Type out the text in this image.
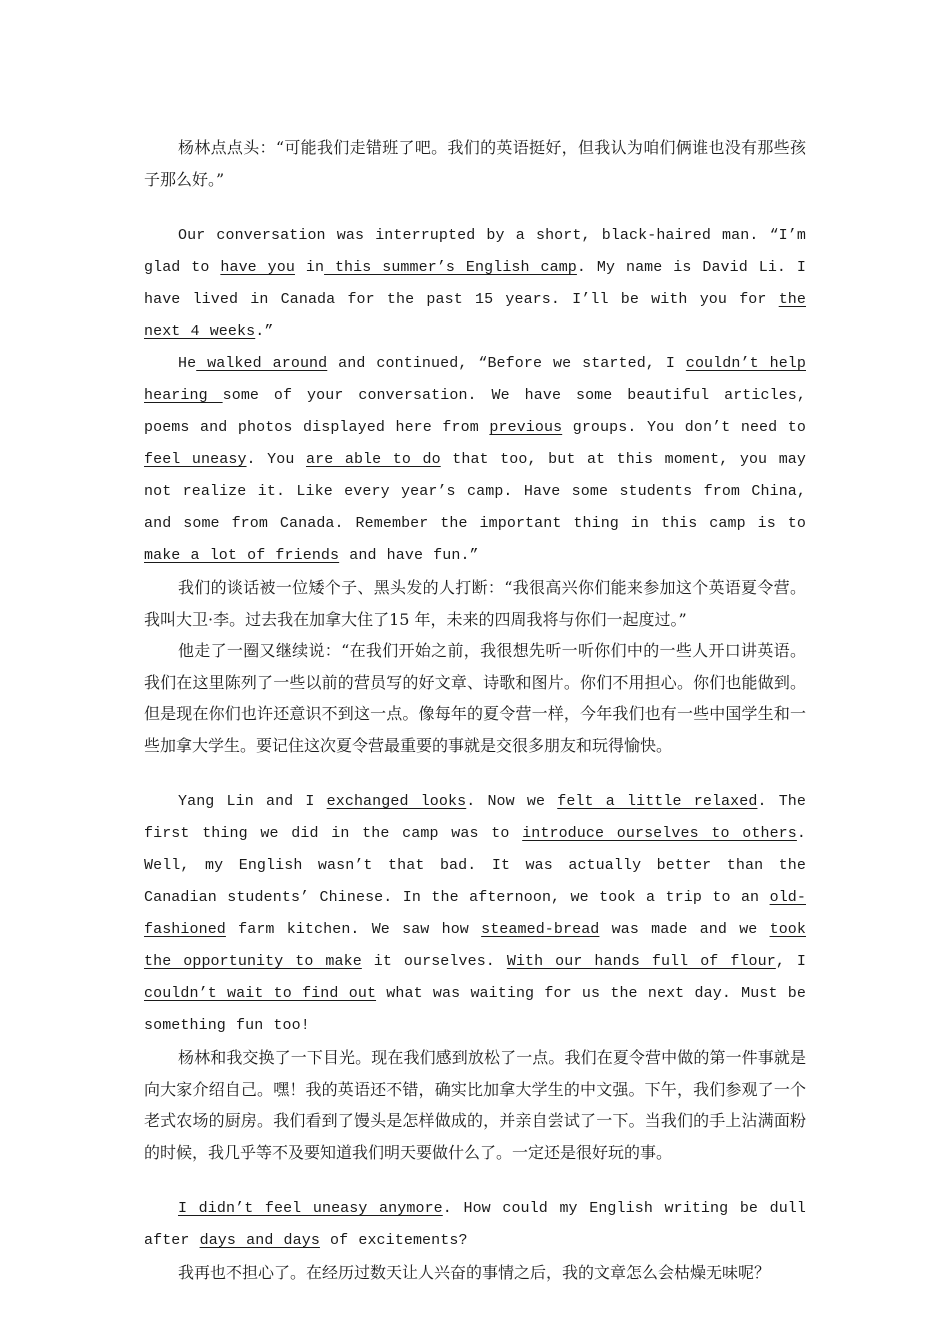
杨林点点头：“可能我们走错班了吧。我们的英语挺好，但我认为咱们俩谁也没有那些孩子那么好。”

Our conversation was interrupted by a short, black-haired man. “I’m glad to have you in this summer’s English camp. My name is David Li. I have lived in Canada for the past 15 years. I’ll be with you for the next 4 weeks.”

He walked around and continued, “Before we started, I couldn’t help hearing some of your conversation. We have some beautiful articles, poems and photos displayed here from previous groups. You don’t need to feel uneasy. You are able to do that too, but at this moment, you may not realize it. Like every year’s camp. Have some students from China, and some from Canada. Remember the important thing in this camp is to make a lot of friends and have fun.”

我们的谈话被一位矮个子、黑头发的人打断：“我很高兴你们能来参加这个英语夏令营。我叫大卫·李。过去我在加拿大住了15 年，未来的四周我将与你们一起度过。”

他走了一圈又继续说：“在我们开始之前，我很想先听一听你们中的一些人开口讲英语。我们在这里陈列了一些以前的营员写的好文章、诗歌和图片。你们不用担心。你们也能做到。但是现在你们也许还意识不到这一点。像每年的夏令营一样，今年我们也有一些中国学生和一些加拿大学生。要记住这次夏令营最重要的事就是交很多朋友和玩得愉快。

Yang Lin and I exchanged looks. Now we felt a little relaxed. The first thing we did in the camp was to introduce ourselves to others. Well, my English wasn’t that bad. It was actually better than the Canadian students’ Chinese. In the afternoon, we took a trip to an old-fashioned farm kitchen. We saw how steamed-bread was made and we took the opportunity to make it ourselves. With our hands full of flour, I couldn’t wait to find out what was waiting for us the next day. Must be something fun too!

杨林和我交换了一下目光。现在我们感到放松了一点。我们在夏令营中做的第一件事就是向大家介绍自己。嘿！我的英语还不错，确实比加拿大学生的中文强。下午，我们参观了一个老式农场的厨房。我们看到了馒头是怎样做成的，并亲自尝试了一下。当我们的手上沾满面粉的时候，我几乎等不及要知道我们明天要做什么了。一定还是很好玩的事。

I didn’t feel uneasy anymore. How could my English writing be dull after days and days of excitements?

我再也不担心了。在经历过数天让人兴奋的事情之后，我的文章怎么会枯燥无味呢？
